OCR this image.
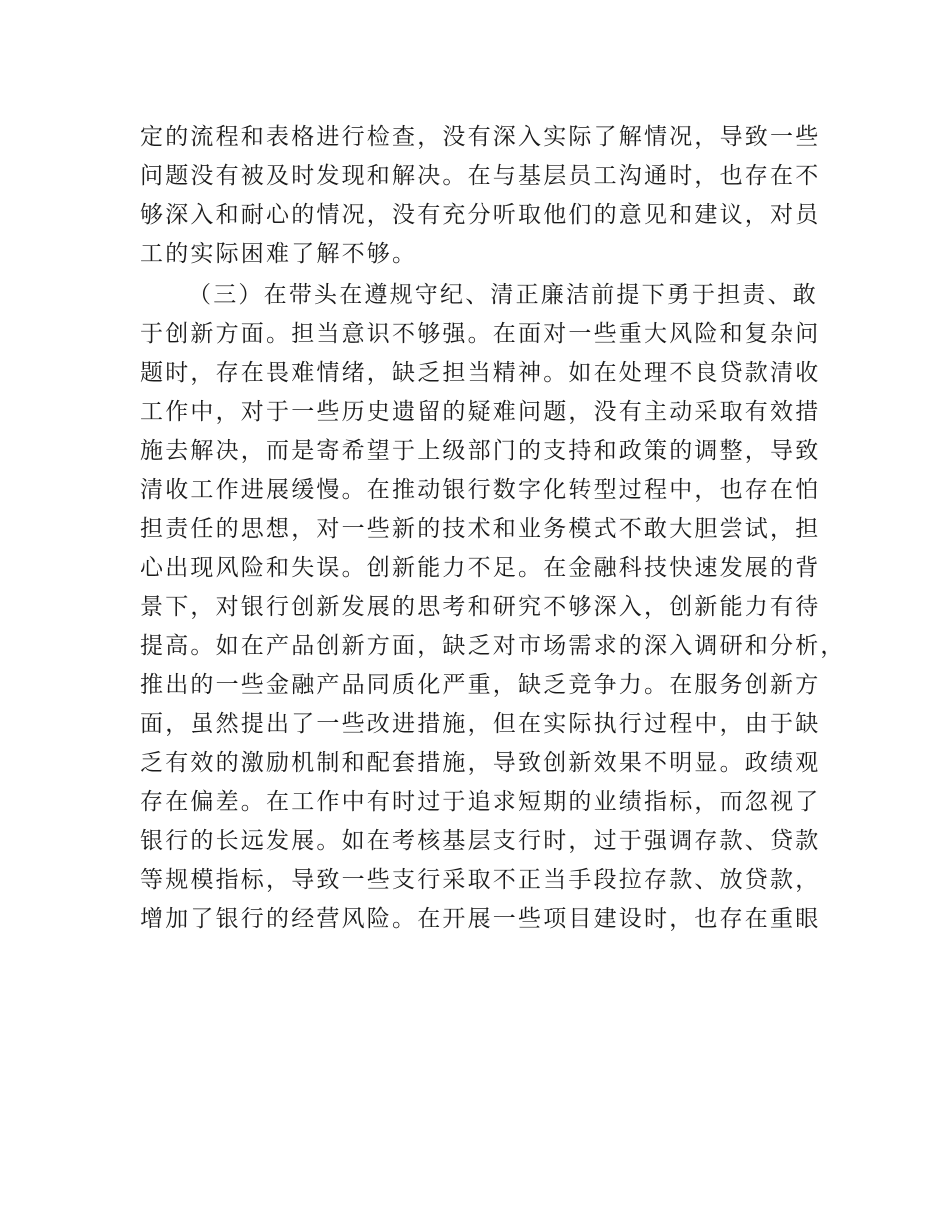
定的流程和表格进行检查，没有深入实际了解情况，导致一些
问题没有被及时发现和解决。在与基层员工沟通时，也存在不
够深入和耐心的情况，没有充分听取他们的意见和建议，对员
工的实际困难了解不够。
（三）在带头在遵规守纪、清正廉洁前提下勇于担责、敢
于创新方面。担当意识不够强。在面对一些重大风险和复杂问
题时，存在畏难情绪，缺乏担当精神。如在处理不良贷款清收
工作中，对于一些历史遗留的疑难问题，没有主动采取有效措
施去解决，而是寄希望于上级部门的支持和政策的调整，导致
清收工作进展缓慢。在推动银行数字化转型过程中，也存在怕
担责任的思想，对一些新的技术和业务模式不敢大胆尝试，担
心出现风险和失误。创新能力不足。在金融科技快速发展的背
景下，对银行创新发展的思考和研究不够深入，创新能力有待
提高。如在产品创新方面，缺乏对市场需求的深入调研和分析，
推出的一些金融产品同质化严重，缺乏竞争力。在服务创新方
面，虽然提出了一些改进措施，但在实际执行过程中，由于缺
乏有效的激励机制和配套措施，导致创新效果不明显。政绩观
存在偏差。在工作中有时过于追求短期的业绩指标，而忽视了
银行的长远发展。如在考核基层支行时，过于强调存款、贷款
等规模指标，导致一些支行采取不正当手段拉存款、放贷款，
增加了银行的经营风险。在开展一些项目建设时，也存在重眼
